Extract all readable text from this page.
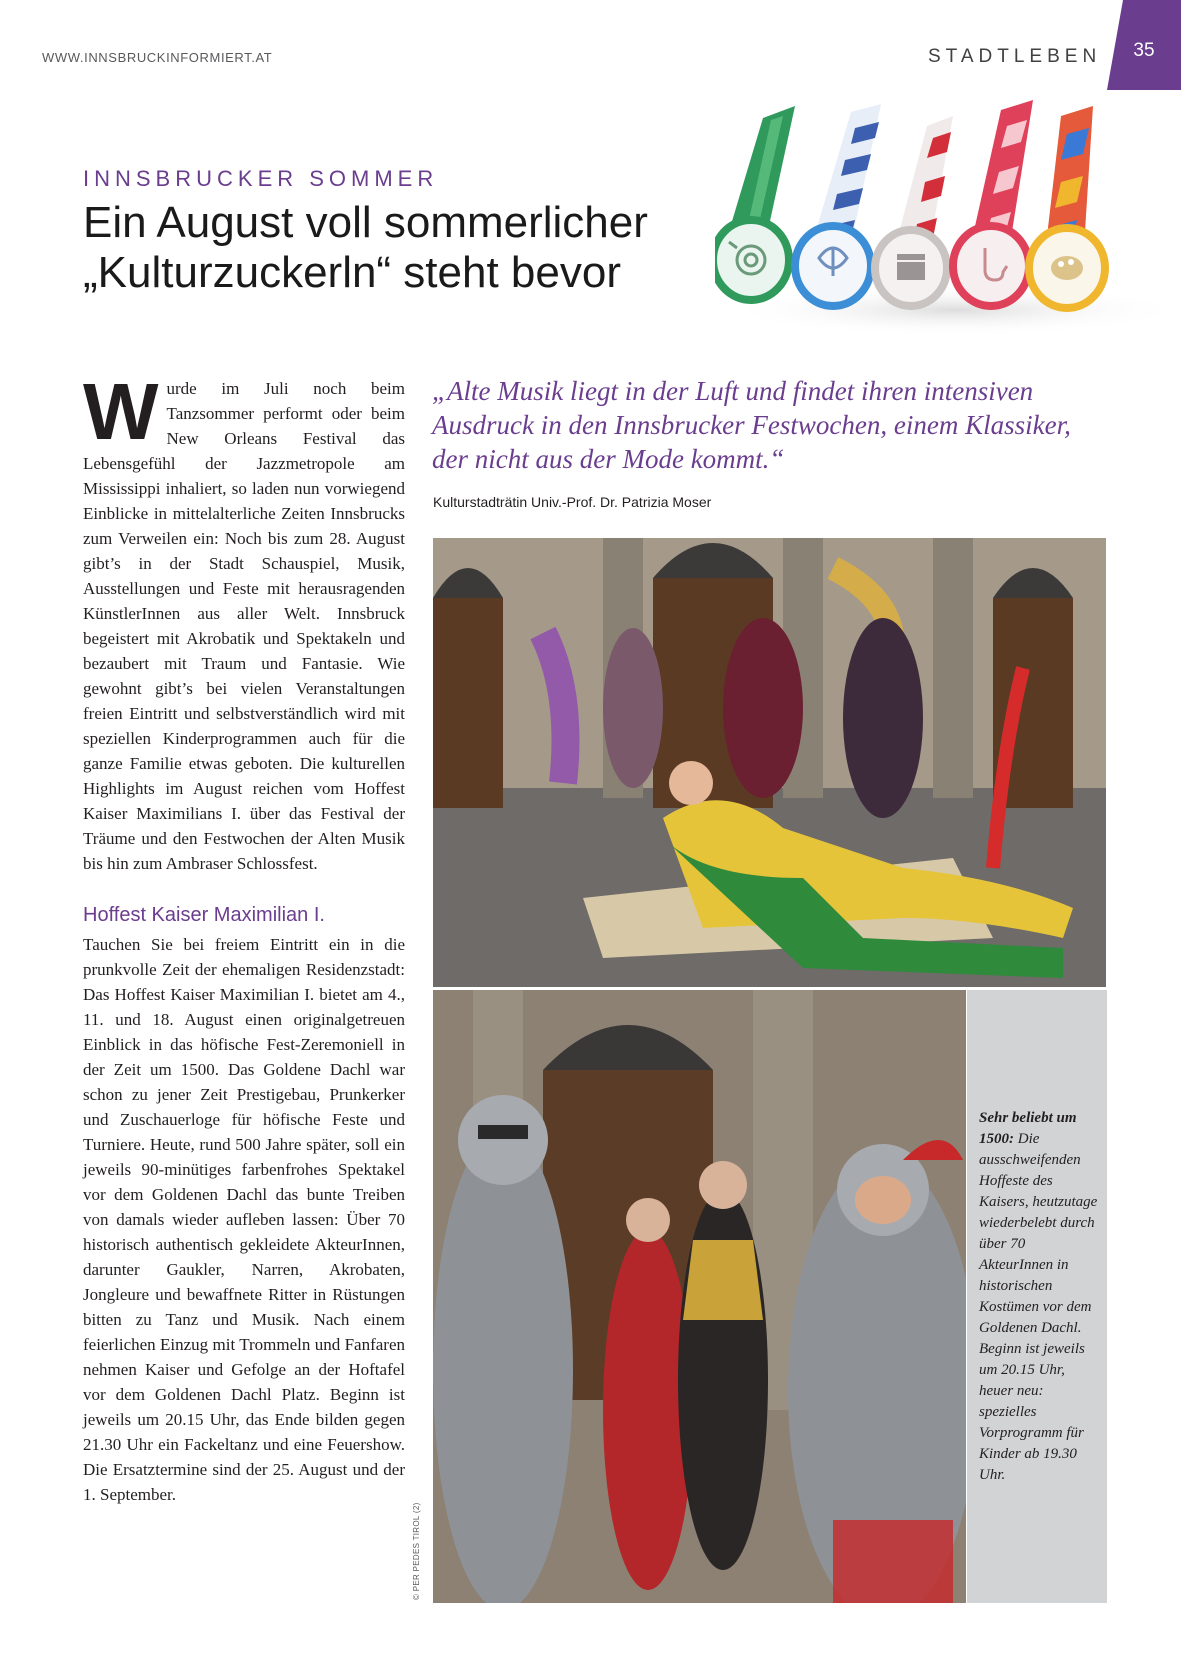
WWW.INNSBRUCKINFORMIERT.AT	STADTLEBEN	35
INNSBRUCKER SOMMER
Ein August voll sommerlicher
„Kulturzuckerln“ steht bevor
W urde im Juli noch beim Tanzsommer performt oder beim New Orleans Festival das Lebensgefühl der Jazzmetropole am Mississippi inhaliert, so laden nun vorwiegend Einblicke in mittelalterliche Zeiten Innsbrucks zum Verweilen ein: Noch bis zum 28. August gibt’s in der Stadt Schauspiel, Musik, Ausstellungen und Feste mit herausragenden KünstlerInnen aus aller Welt. Innsbruck begeistert mit Akrobatik und Spektakeln und bezaubert mit Traum und Fantasie. Wie gewohnt gibt’s bei vielen Veranstaltungen freien Eintritt und selbstverständlich wird mit speziellen Kinderprogrammen auch für die ganze Familie etwas geboten. Die kulturellen Highlights im August reichen vom Hoffest Kaiser Maximilians I. über das Festival der Träume und den Festwochen der Alten Musik bis hin zum Ambraser Schlossfest.

Hoffest Kaiser Maximilian I.

Tauchen Sie bei freiem Eintritt ein in die prunkvolle Zeit der ehemaligen Residenzstadt: Das Hoffest Kaiser Maximilian I. bietet am 4., 11. und 18. August einen originalgetreuen Einblick in das höfische Fest-Zeremoniell in der Zeit um 1500. Das Goldene Dachl war schon zu jener Zeit Prestigebau, Prunkerker und Zuschauerloge für höfische Feste und Turniere. Heute, rund 500 Jahre später, soll ein jeweils 90-minütiges farbenfrohes Spektakel vor dem Goldenen Dachl das bunte Treiben von damals wieder aufleben lassen: Über 70 historisch authentisch gekleidete AkteurInnen, darunter Gaukler, Narren, Akrobaten, Jongleure und bewaffnete Ritter in Rüstungen bitten zu Tanz und Musik. Nach einem feierlichen Einzug mit Trommeln und Fanfaren nehmen Kaiser und Gefolge an der Hoftafel vor dem Goldenen Dachl Platz. Beginn ist jeweils um 20.15 Uhr, das Ende bilden gegen 21.30 Uhr ein Fackeltanz und eine Feuershow. Die Ersatztermine sind der 25. August und der 1. September.

„Alte Musik liegt in der Luft und findet ihren intensiven Ausdruck in den Innsbrucker Festwochen, einem Klassiker, der nicht aus der Mode kommt.“

Kulturstadträtin Univ.-Prof. Dr. Patrizia Moser
Sehr beliebt um 1500: Die ausschweifenden Hoffeste des Kaisers, heutzutage wiederbelebt durch über 70 AkteurInnen in historischen Kostümen vor dem Goldenen Dachl. Beginn ist jeweils um 20.15 Uhr, heuer neu: spezielles Vorprogramm für Kinder ab 19.30 Uhr.
© PER PEDES TIROL (2)
